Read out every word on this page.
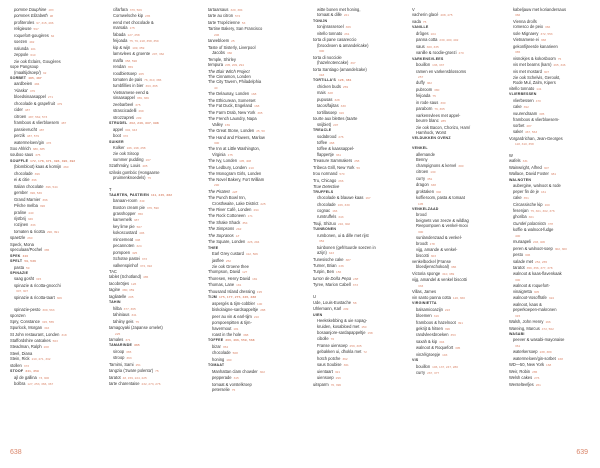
pomme Dauphine 183
pommes Elizabeth 96
profiteroles 97, 315, 496
religieuse 597
roquefort-gougères 62
soezen 492
nalunda 101
zeppole 610
zie ook Éclairs, Gougères
sope Pangsoup
(maaltijdsoep/) 32
SORBET 485, 487
aardbeien 484
'Alaska' 479
bloedsinaasappel 271
chocolade & grapefruit 479
cider 487
citroen 487, 562, 573
framboos & vlierbloesem 487
passievrucht 487
perzik 487, 579
watermeloen/gin 476
Soo Ahlrich 380, 385
souboo saus 375
SOUFFLÉ 172, 178, 371, 396, 390, 392
(blombloot) kaas & kornijn 260
chocolade 396
ei & citie 396
Italian chocolate 396, 544
gember 396, 536
Grand Marnier 396
Pêche melba 396
praline 440
rijstbrij 346
rozijnen 333
tomaten & ricotta 290, 391
spaetzle 260
Speck, Mona
speculaas/Pochel 365
SPEK 310
SPELT 59, 536
pasta 59
SPINAZIE
saag gosht 315
spinazie & ricotta-gnocchi
307, 307
spinazie & ricotta-taart 309

spinazie-pesto 309, 563
sponzen
Spry, Constance 315, 555
Spurlock, Morgan 316
St John restaurant, Londen 318
Staffordshire oatcakes 563
Steadman, Ralph 208
Steel, Diana
Stein, Rick 210, 271, 332
stollen 373
STOOF 341, 359
ajl de gallina 73, 300
bolbra 127, 253, 366, 367
cifarfara 376, 509
Cornwelsche kip 235
eend met chocolade &
marsala 175
fabada 127, 258
feijoada 75, 76, 218, 358, 359
kip & wijn 109, 359
lamsvlees & groente 207, 362
malfa 358, 590
rendan 359
roodbietsoep 205
tomaten de pais 76, 310, 386
tumbfillies in bier 363, 365
Vietnamese eend &
sinaasappel 359, 369
zeebarbeel 375
strascicadelli 299
strozzapreti 209
STRUDEL 202, 246, 337, 398
appel 302, 343
boot 372
SUIKER
Kolker 166, 198, 258
zie ook Siroop
summer pudding 167
Szathmáry, Louis 405
szilvás gombóc (Hongaarse
pruimenknoedels) 75

T
TAARTEN, PASTEIEN 111, 245, 382
banaan-room 349
Boston cream pie 376, 590
grasshopper 350
karnemelk 387
key lime pie 567
kokoscustard 406
mincemeat 308
pecannoten 324
pompoen 325
Schotse pastei 373
valkenspinhof 372, 392
TAC
tablet (Schotland) 465
tacobrötjes 126
tagine 380, 359
tagliatelle 205
TAHIN
hilba 377, 365
tahiniaus 341
tahiiny geis 75
tamagoyaki (Japanse omelet)
225
tamales 371
TAMARINDE 365
siroop 365
stroop 363
Tamimi, Sami 251
tangzia ('zware polenta') 75
taratot 48, 159, 224, 225
tarte charentaise 232, 273, 276
tartaarsaus 320, 384
tarte au citron 572
tarte Tropézienne 53
Tartine Bakery, San Francisco
206
tarwebloem 25
Taste of Sisterly, Liverpool
Jacobs 360
Temple, Shirley
tempura 205, 209, 294
The Blair Witch Project
The Cinnamon, Londen
The City Tavern, Philadelphia
40
The Delaunay, Londen 168
The Ethicurean, Somerset
The Fat Duck, Engeland 168
The Farm Drab, New York 395
The French Laundry, Napa
Valley 159
The Great Stone, Londen 25, 50
The Hand and Flowers, Marlow
300
The Inn at Little Washington,
Virginia 175
The Ivy, Londen 105, 408
The Ledbury, Londen 210
The Monogram Girls, Londen
The Novel Bakery, Fort William
290
The Pirates! 128
The Punch Bowl Inn,
Crosthwaite, Lake District 225
The River Café, Londen 294
The Rock Cottoneen 171
The Shake Shack 354
The Simpsons 264
The Sopranos 18
The Square, Londen 226, 294
THEE
Earl Grey custard 412, 506
jasflee 252
zie ook Groene thee
Thompson, David 127
Thoresen, Henry David 181
Thomas, Lane 181
Thousand Island dressing 195
TIJM 175, 177, 275, 335, 388
aspergés & tijm-cobbler 100
biskolaigne-sardsappeltje 288
peer au vin & earl-tijm 210
pompoenpitten & tijm-
havermout 181
roast in the hole 388
TOFFEE 360, 466, 559, 568
bizar 354
chocolade 508
honing 190
TOMAAT
Manhattan clam chowder 302
pepperade 315
tomaat & vorstelkroep
peterselie 75
witte bonen met honing,
tomaat & dille 221
TONIJN
tonijnrasseroel 366
vitello tonnato 261
torta di pane casareccio
(broodvoen & amandelcake)
300
torta di nocciole
(hazelnotencake) 397
torta Santiago (amandelcake)
318
TORTILLA'S 128, 381
chicken buds 259
mais 328
pupusas 328
tacos/fajitas 330
tortillasoep 316
tourte aux blettes (taarte
snijbiet) 207
TREACLE
sodabrood 276
toffee 468
toffee & kaassappel-
flappertje 361
Treasure Sammakers 258
Tribeca Grill, New York 56
trou normand 570
Tru, Chicago 266
True Detective
TRUFFELS
chocolade & blauwe kaas 167
chocolade 166, 330
cognac 166
rumtruffels 343
Tsuji, Shizuo 216, 302
TUINBONEN
rumbonen, ui & dille met rijst
352
tuinbonen (gefrituurde soezen in
azijn) 343
Tunesische cake 387
Turner, Brian 236
Turpin, Ben 156
turron de Doña Pepa 188
Tyree, Marion Cabell 373

U
Ude, Louis-Eustache 58
Uhlemann, Karl 209
UIEN
Heekskebbing & uie sopag-
kruiden, kosabloed met 150
bosaanjore-sardapappeltje 158
cibolle 76
Franse uiensoep 259, 305
gebakken ui, dhokla met 72
hotch potche 362
saus Soubise 361
uientaart 321
uiensoep 296
uitsparm 76, 396
V
vacherin glacé 408, 475
vada 75
VANILLE
drôges 104
panna cotta 230, 400, 402
saus 300, 335
vanille & roodie-groezi 470
VARKENSVLEES
bouillon 136, 337
ramen en varkensblossoms
257
duffy 362
pubroom 380
feijoada 75
in rode saus 330
paraborn 76, 365
varkensvlees met appel-
beurre blanc 285
zie ook Bacon, Chorizo, Ham/
Hamhock, Worst
VELDUKKEN OVENZ

VENKEL
allemande
Benny
champignons & kervel 300
citroen 130
curry 351
dragon 338
groktaken 302
koffieroom, pasta & tomaat
105
VENKELZAAD
brood
beignets van zeeze & wildlag
Reepompoen & venkel-mooi
300
sunlandenzaad & venkel-
broodt 178
vijg, amande & venkel-
biscotti 303
venkelbockel (Franse
bloedjenschokoal) 386
Victoria sponge 310, 389
vijg, amandel & venkel biscotti
333
Villas, James
vin santo panna cotta 120, 360
VIRGINIETTA
balsamicoazijn 223
bloemen 319
framboos & hazelnoot 391
gekrijt & hitsen 396
randvleesbroeken 353
saxah & kip 304
walnoot & Roquefort 305
vinzélgroepje 193
VIS
bouillon 106, 137, 247, 280
curry 267, 377
kabeljauw met koriandersaus
366
Vienna droifs
romesco de peix 366
sole Mignaery 372, 553
Vietnamese ei 368
gekonfijteerde kanarieen
365
visnokjes & kokosboom 75
vis met bearns (karn) 265, 346
vis met mostard 307
zie ook Schelvis, Gerookt,
Rode Mul, Zalm, Kipers
vitello tonnato 141
VLIERBESSEN
vlierbessen 470
cake 392
vuurendraam 305
framboos & vlierbloesem-
sorbet 487
saker 467, 563
Vorgardrichan, Jean-Georges
118, 310, 358

W
wafels 331
Wainwright, Alfred 307
Wallace, David Foster 381
WALNOTEN
aubergine, walnoot & rode
peper fin de je 161
cake 351
Circassische kip 160
fesenjan 75, 301, 302, 376
ghoriba 301
Gundel palacsinta 378
koffie & walnoot-fudge
400
muraapeli 203, 406
peren & walnoot-soep 302, 300
pesto 306
salade met 252, 265
taratot 359, 356, 377, 378
walnoot & kaas-flavenkaak
300
walnoot & roquefort-
vinaigretta 305
walnoot-Vosoffrafe 324
walnoot, kaas &
peperkoepen-makronen
315
Walsh, John Henry 166
Wareing, Marcus 472, 562
WASABI
peever & wasabi-mayonaise
361
waterkersoep 238, 389
watermeloen/gin-sorbet 168
WD—50, New York 168
Weir, Robin 265
Welsh cakes 276
Wentelteefjes 261
638	639
